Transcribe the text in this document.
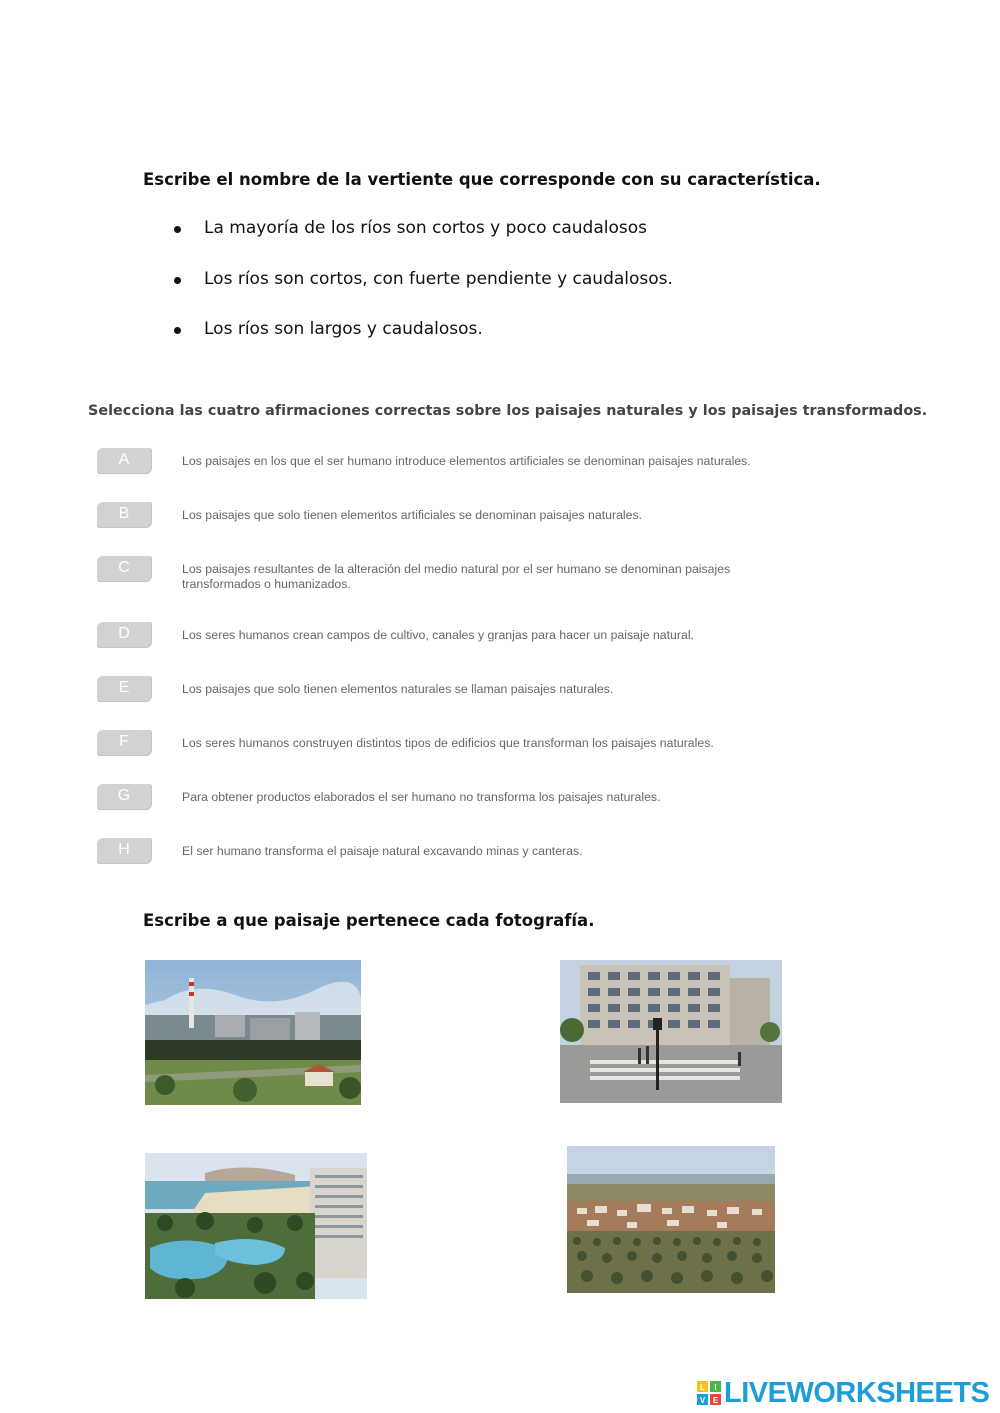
Escribe el nombre de la vertiente que corresponde con su característica.
La mayoría de los ríos son cortos y poco caudalosos
Los ríos son cortos, con fuerte pendiente y caudalosos.
Los ríos son largos y caudalosos.
Selecciona las cuatro afirmaciones correctas sobre los paisajes naturales y los paisajes transformados.
A	Los paisajes en los que el ser humano introduce elementos artificiales se denominan paisajes naturales.
B	Los paisajes que solo tienen elementos artificiales se denominan paisajes naturales.
C	Los paisajes resultantes de la alteración del medio natural por el ser humano se denominan paisajes transformados o humanizados.
D	Los seres humanos crean campos de cultivo, canales y granjas para hacer un paisaje natural.
E	Los paisajes que solo tienen elementos naturales se llaman paisajes naturales.
F	Los seres humanos construyen distintos tipos de edificios que transforman los paisajes naturales.
G	Para obtener productos elaborados el ser humano no transforma los paisajes naturales.
H	El ser humano transforma el paisaje natural excavando minas y canteras.
Escribe a que paisaje pertenece cada fotografía.
L I
V E LIVEWORKSHEETS
